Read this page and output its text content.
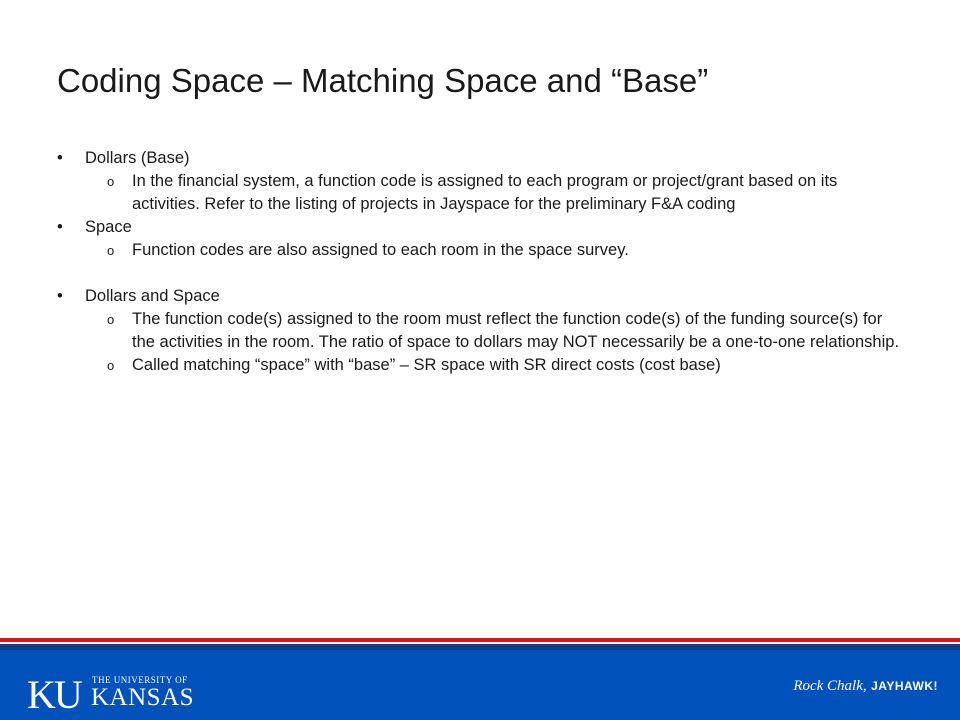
Coding Space – Matching Space and “Base”
• Dollars (Base)
o In the financial system, a function code is assigned to each program or project/grant based on its activities. Refer to the listing of projects in Jayspace for the preliminary F&A coding
• Space
o Function codes are also assigned to each room in the space survey.
• Dollars and Space
o The function code(s) assigned to the room must reflect the function code(s) of the funding source(s) for the activities in the room. The ratio of space to dollars may NOT necessarily be a one-to-one relationship.
o Called matching “space” with “base” – SR space with SR direct costs (cost base)
KU THE UNIVERSITY OF
KANSAS	Rock Chalk, JAYHAWK!
